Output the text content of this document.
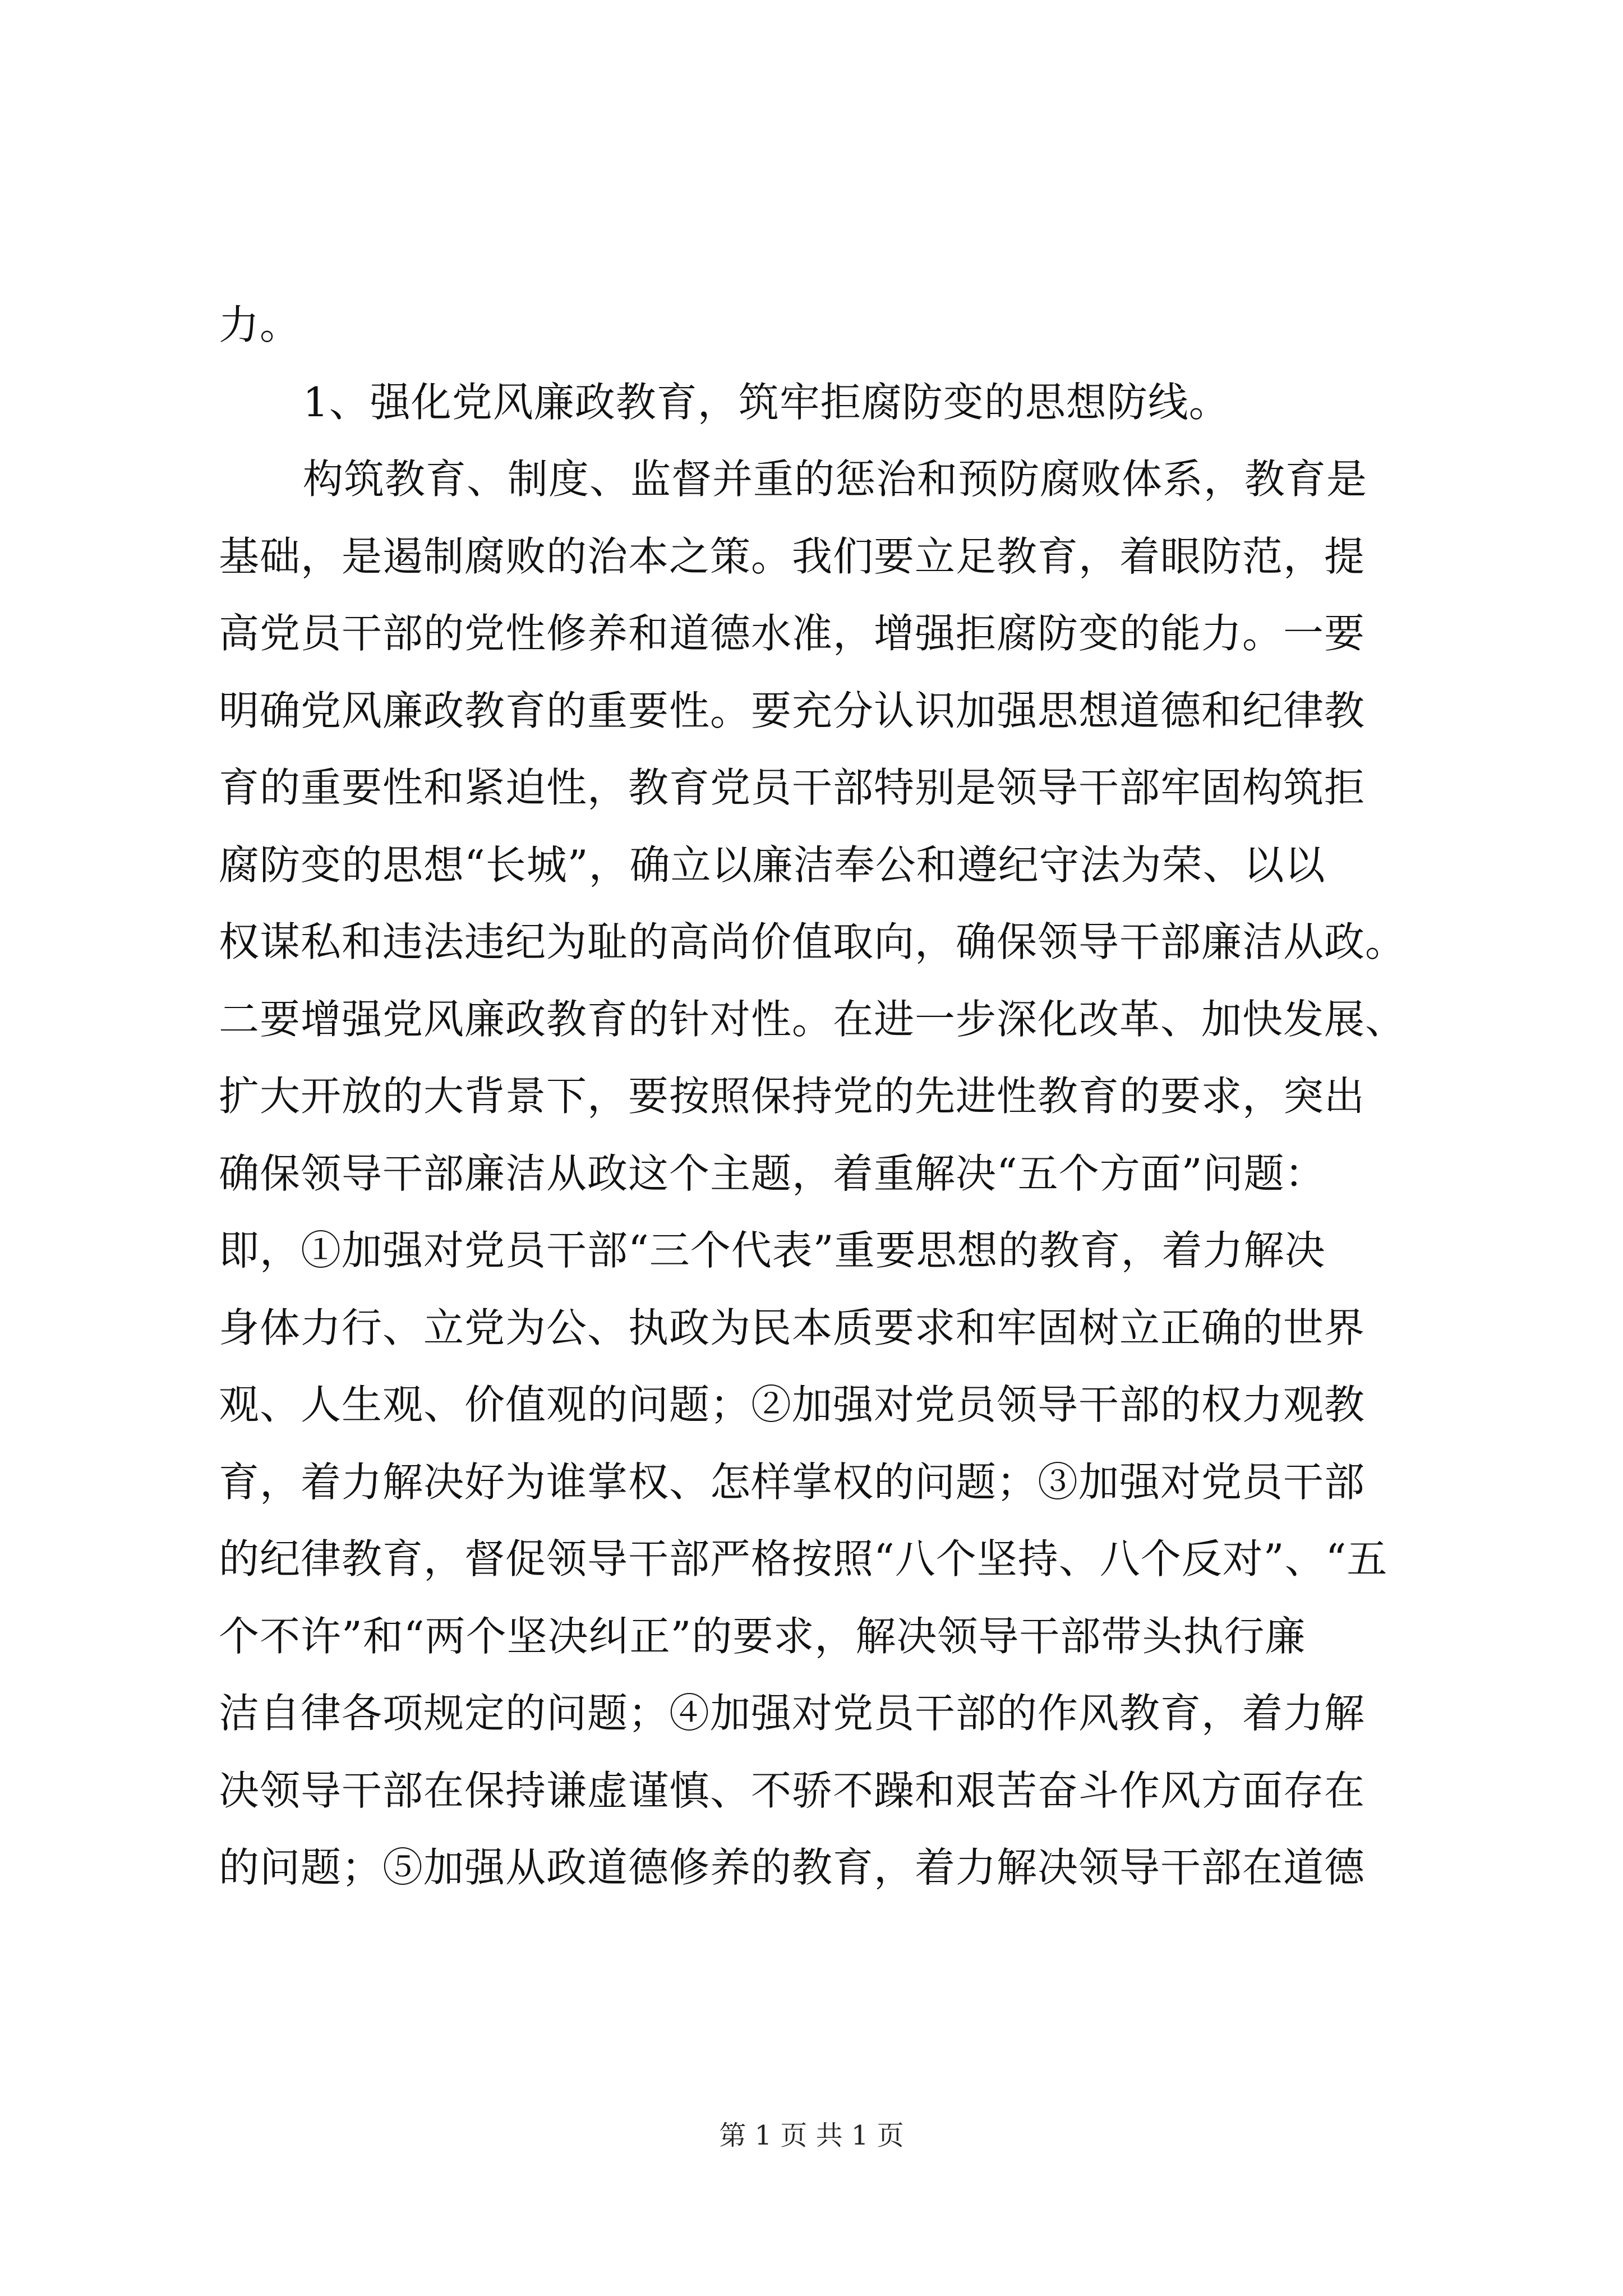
力。
1、强化党风廉政教育，筑牢拒腐防变的思想防线。
构筑教育、制度、监督并重的惩治和预防腐败体系，教育是
基础，是遏制腐败的治本之策。我们要立足教育，着眼防范，提
高党员干部的党性修养和道德水准，增强拒腐防变的能力。一要
明确党风廉政教育的重要性。要充分认识加强思想道德和纪律教
育的重要性和紧迫性，教育党员干部特别是领导干部牢固构筑拒
腐防变的思想“长城”，确立以廉洁奉公和遵纪守法为荣、以以
权谋私和违法违纪为耻的高尚价值取向，确保领导干部廉洁从政。
二要增强党风廉政教育的针对性。在进一步深化改革、加快发展、
扩大开放的大背景下，要按照保持党的先进性教育的要求，突出
确保领导干部廉洁从政这个主题，着重解决“五个方面”问题：
即，①加强对党员干部“三个代表”重要思想的教育，着力解决
身体力行、立党为公、执政为民本质要求和牢固树立正确的世界
观、人生观、价值观的问题；②加强对党员领导干部的权力观教
育，着力解决好为谁掌权、怎样掌权的问题；③加强对党员干部
的纪律教育，督促领导干部严格按照“八个坚持、八个反对”、“五
个不许”和“两个坚决纠正”的要求，解决领导干部带头执行廉
洁自律各项规定的问题；④加强对党员干部的作风教育，着力解
决领导干部在保持谦虚谨慎、不骄不躁和艰苦奋斗作风方面存在
的问题；⑤加强从政道德修养的教育，着力解决领导干部在道德
第 1 页 共 1 页
